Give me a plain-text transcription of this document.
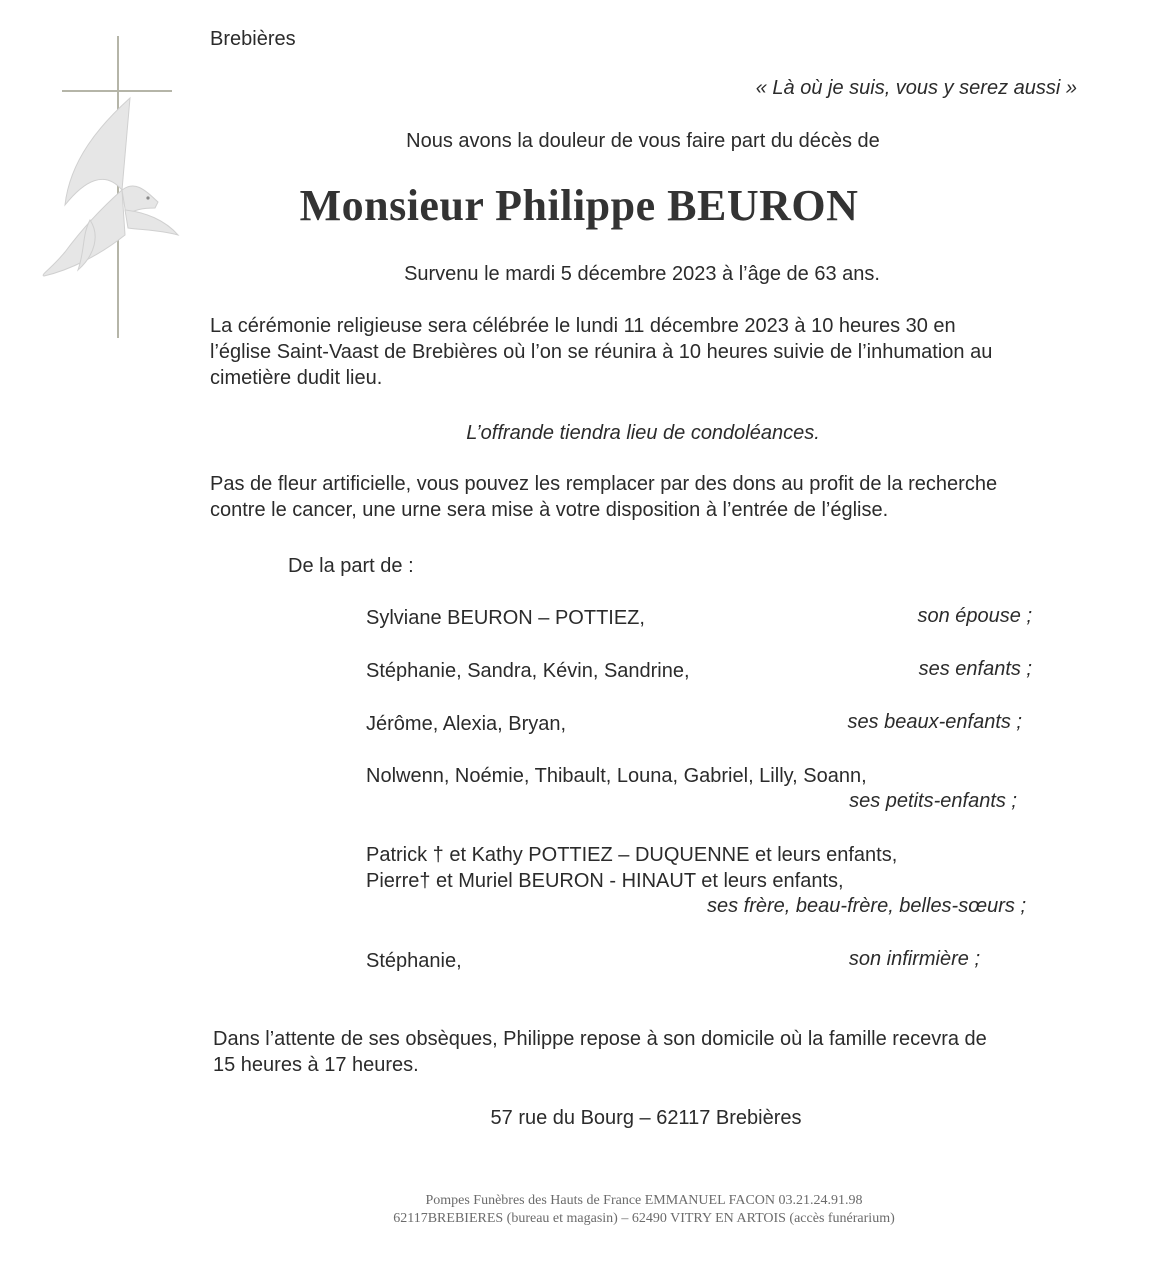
Brebières
« Là où je suis, vous y serez aussi »
Nous avons la douleur de vous faire part du décès de
Monsieur Philippe BEURON
Survenu le mardi 5 décembre 2023 à l’âge de 63 ans.
La cérémonie religieuse sera célébrée le lundi 11 décembre 2023 à 10 heures 30 en
l’église Saint-Vaast de Brebières où l’on se réunira à 10 heures suivie de l’inhumation au
cimetière dudit lieu.
L’offrande tiendra lieu de condoléances.
Pas de fleur artificielle, vous pouvez les remplacer par des dons au profit de la recherche
contre le cancer, une urne sera mise à votre disposition à l’entrée de l’église.
De la part de :
Sylviane BEURON – POTTIEZ,	son épouse ;
Stéphanie, Sandra, Kévin, Sandrine,	ses enfants ;
Jérôme, Alexia, Bryan,	ses beaux-enfants ;
Nolwenn, Noémie, Thibault, Louna, Gabriel, Lilly, Soann,
ses petits-enfants ;
Patrick † et Kathy POTTIEZ – DUQUENNE et leurs enfants,
Pierre† et Muriel BEURON - HINAUT et leurs enfants,
ses frère, beau-frère, belles-sœurs ;
Stéphanie,	son infirmière ;
Dans l’attente de ses obsèques, Philippe repose à son domicile où la famille recevra de
15 heures à 17 heures.
57 rue du Bourg – 62117 Brebières
Pompes Funèbres des Hauts de France EMMANUEL FACON 03.21.24.91.98
62117BREBIERES (bureau et magasin) – 62490 VITRY EN ARTOIS (accès funérarium)
